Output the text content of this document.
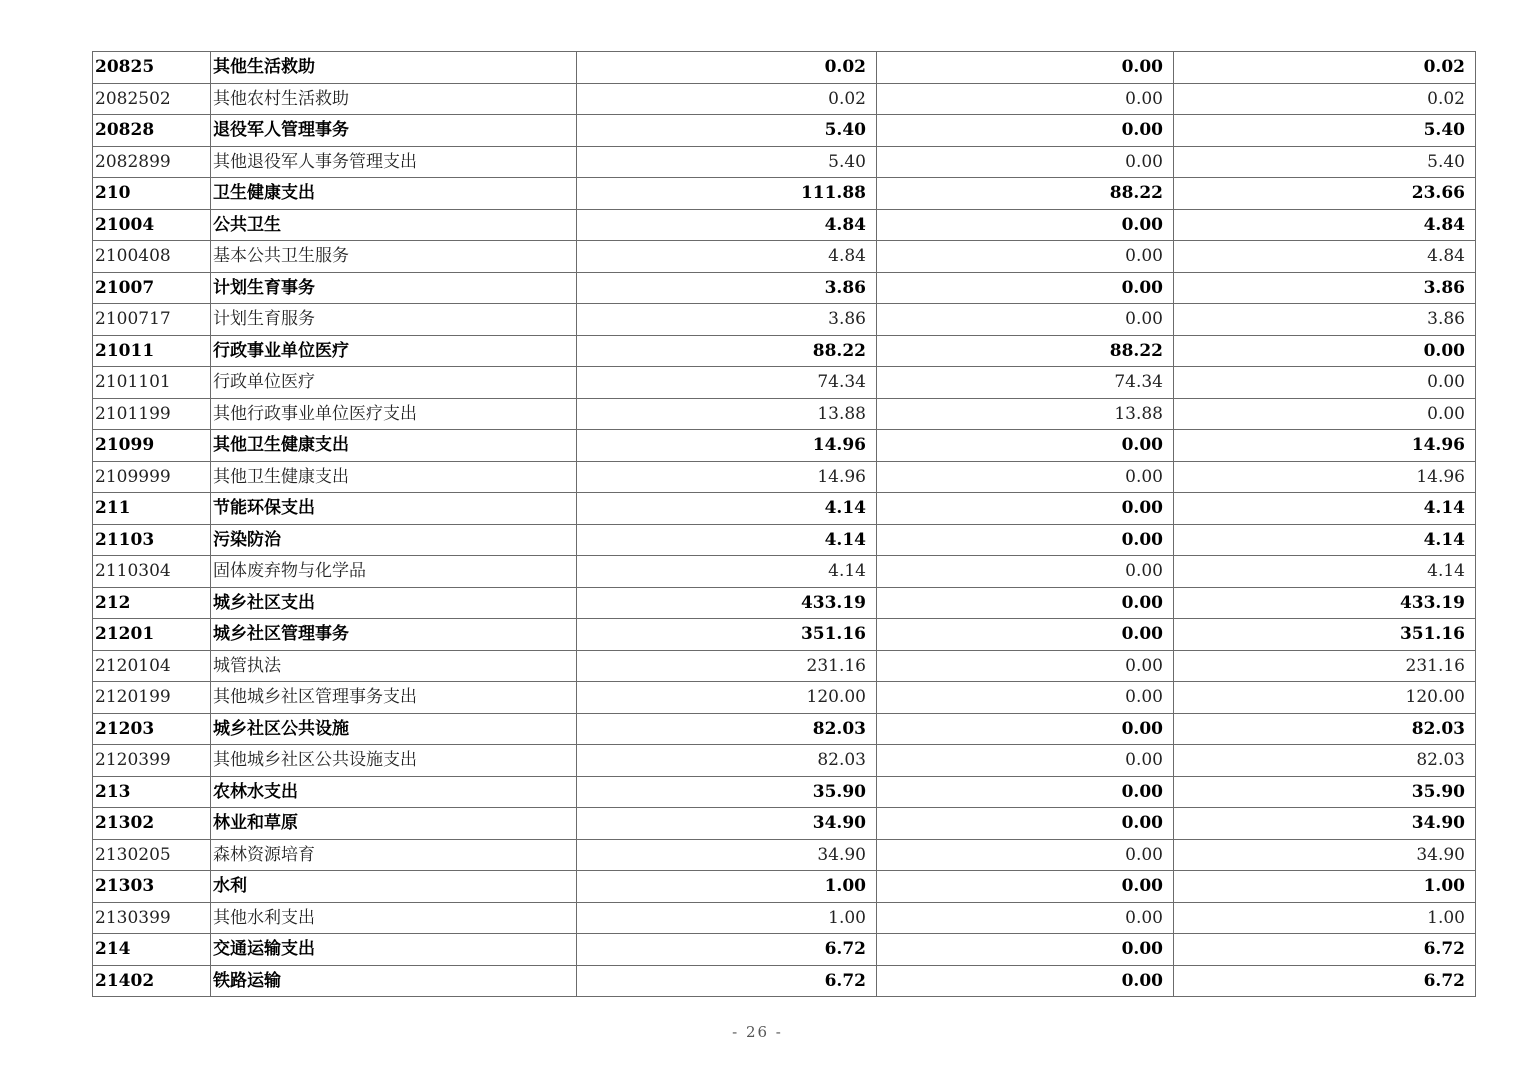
20825	其他生活救助	0.02	0.00	0.02
2082502	其他农村生活救助	0.02	0.00	0.02
20828	退役军人管理事务	5.40	0.00	5.40
2082899	其他退役军人事务管理支出	5.40	0.00	5.40
210	卫生健康支出	111.88	88.22	23.66
21004	公共卫生	4.84	0.00	4.84
2100408	基本公共卫生服务	4.84	0.00	4.84
21007	计划生育事务	3.86	0.00	3.86
2100717	计划生育服务	3.86	0.00	3.86
21011	行政事业单位医疗	88.22	88.22	0.00
2101101	行政单位医疗	74.34	74.34	0.00
2101199	其他行政事业单位医疗支出	13.88	13.88	0.00
21099	其他卫生健康支出	14.96	0.00	14.96
2109999	其他卫生健康支出	14.96	0.00	14.96
211	节能环保支出	4.14	0.00	4.14
21103	污染防治	4.14	0.00	4.14
2110304	固体废弃物与化学品	4.14	0.00	4.14
212	城乡社区支出	433.19	0.00	433.19
21201	城乡社区管理事务	351.16	0.00	351.16
2120104	城管执法	231.16	0.00	231.16
2120199	其他城乡社区管理事务支出	120.00	0.00	120.00
21203	城乡社区公共设施	82.03	0.00	82.03
2120399	其他城乡社区公共设施支出	82.03	0.00	82.03
213	农林水支出	35.90	0.00	35.90
21302	林业和草原	34.90	0.00	34.90
2130205	森林资源培育	34.90	0.00	34.90
21303	水利	1.00	0.00	1.00
2130399	其他水利支出	1.00	0.00	1.00
214	交通运输支出	6.72	0.00	6.72
21402	铁路运输	6.72	0.00	6.72
- 26 -
